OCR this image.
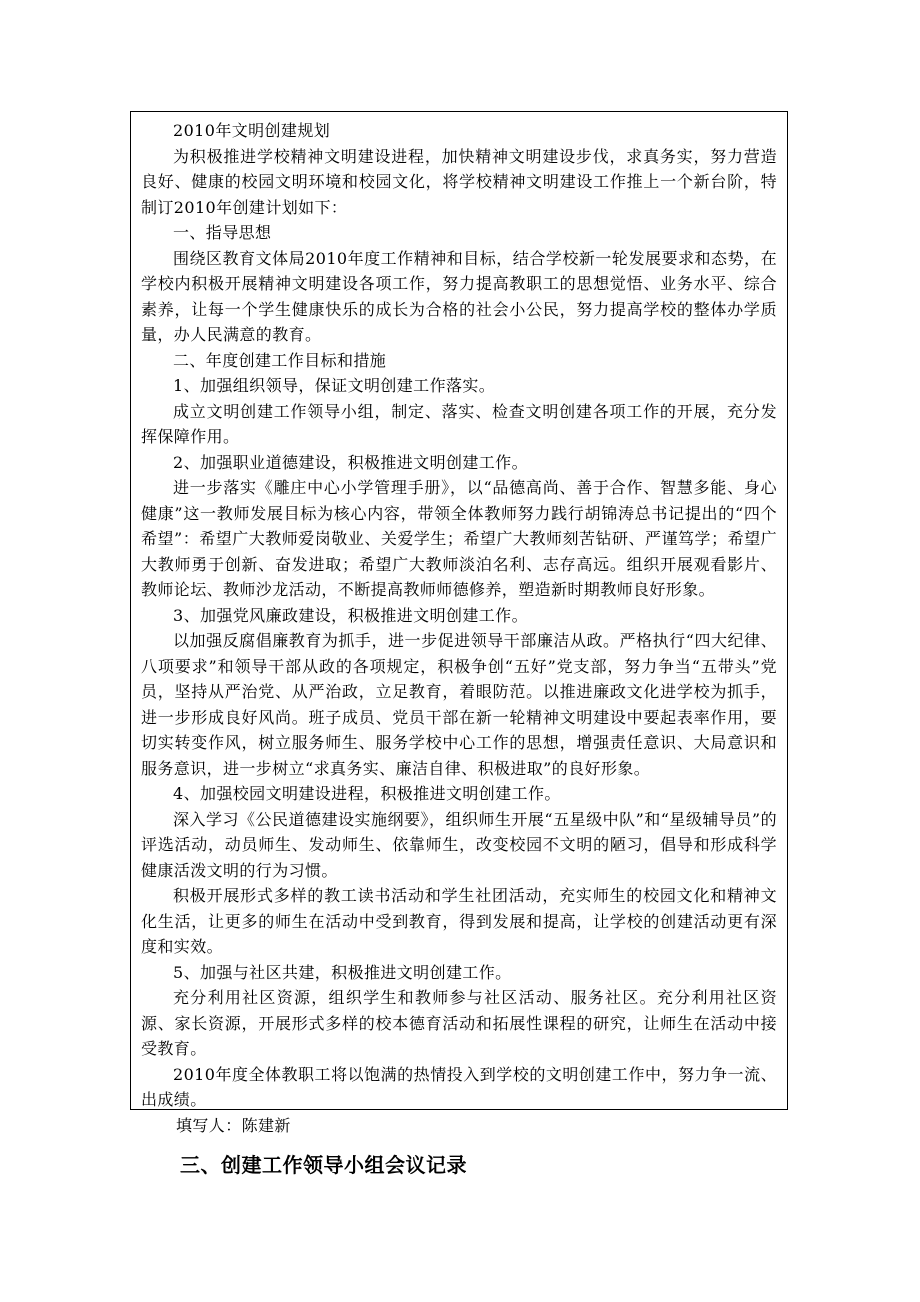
2010年文明创建规划

为积极推进学校精神文明建设进程，加快精神文明建设步伐，求真务实，努力营造良好、健康的校园文明环境和校园文化，将学校精神文明建设工作推上一个新台阶，特制订2010年创建计划如下：

一、指导思想

围绕区教育文体局2010年度工作精神和目标，结合学校新一轮发展要求和态势，在学校内积极开展精神文明建设各项工作，努力提高教职工的思想觉悟、业务水平、综合素养，让每一个学生健康快乐的成长为合格的社会小公民，努力提高学校的整体办学质量，办人民满意的教育。

二、年度创建工作目标和措施

1、加强组织领导，保证文明创建工作落实。

成立文明创建工作领导小组，制定、落实、检查文明创建各项工作的开展，充分发挥保障作用。

2、加强职业道德建设，积极推进文明创建工作。

进一步落实《雕庄中心小学管理手册》，以“品德高尚、善于合作、智慧多能、身心健康”这一教师发展目标为核心内容，带领全体教师努力践行胡锦涛总书记提出的“四个希望”：希望广大教师爱岗敬业、关爱学生；希望广大教师刻苦钻研、严谨笃学；希望广大教师勇于创新、奋发进取；希望广大教师淡泊名利、志存高远。组织开展观看影片、教师论坛、教师沙龙活动，不断提高教师师德修养，塑造新时期教师良好形象。

3、加强党风廉政建设，积极推进文明创建工作。

以加强反腐倡廉教育为抓手，进一步促进领导干部廉洁从政。严格执行“四大纪律、八项要求”和领导干部从政的各项规定，积极争创“五好”党支部，努力争当“五带头”党员，坚持从严治党、从严治政，立足教育，着眼防范。以推进廉政文化进学校为抓手，进一步形成良好风尚。班子成员、党员干部在新一轮精神文明建设中要起表率作用，要切实转变作风，树立服务师生、服务学校中心工作的思想，增强责任意识、大局意识和服务意识，进一步树立“求真务实、廉洁自律、积极进取”的良好形象。

4、加强校园文明建设进程，积极推进文明创建工作。

深入学习《公民道德建设实施纲要》，组织师生开展“五星级中队”和“星级辅导员”的评选活动，动员师生、发动师生、依靠师生，改变校园不文明的陋习，倡导和形成科学健康活泼文明的行为习惯。

积极开展形式多样的教工读书活动和学生社团活动，充实师生的校园文化和精神文化生活，让更多的师生在活动中受到教育，得到发展和提高，让学校的创建活动更有深度和实效。

5、加强与社区共建，积极推进文明创建工作。

充分利用社区资源，组织学生和教师参与社区活动、服务社区。充分利用社区资源、家长资源，开展形式多样的校本德育活动和拓展性课程的研究，让师生在活动中接受教育。

2010年度全体教职工将以饱满的热情投入到学校的文明创建工作中，努力争一流、出成绩。

填写人：陈建新
三、创建工作领导小组会议记录
